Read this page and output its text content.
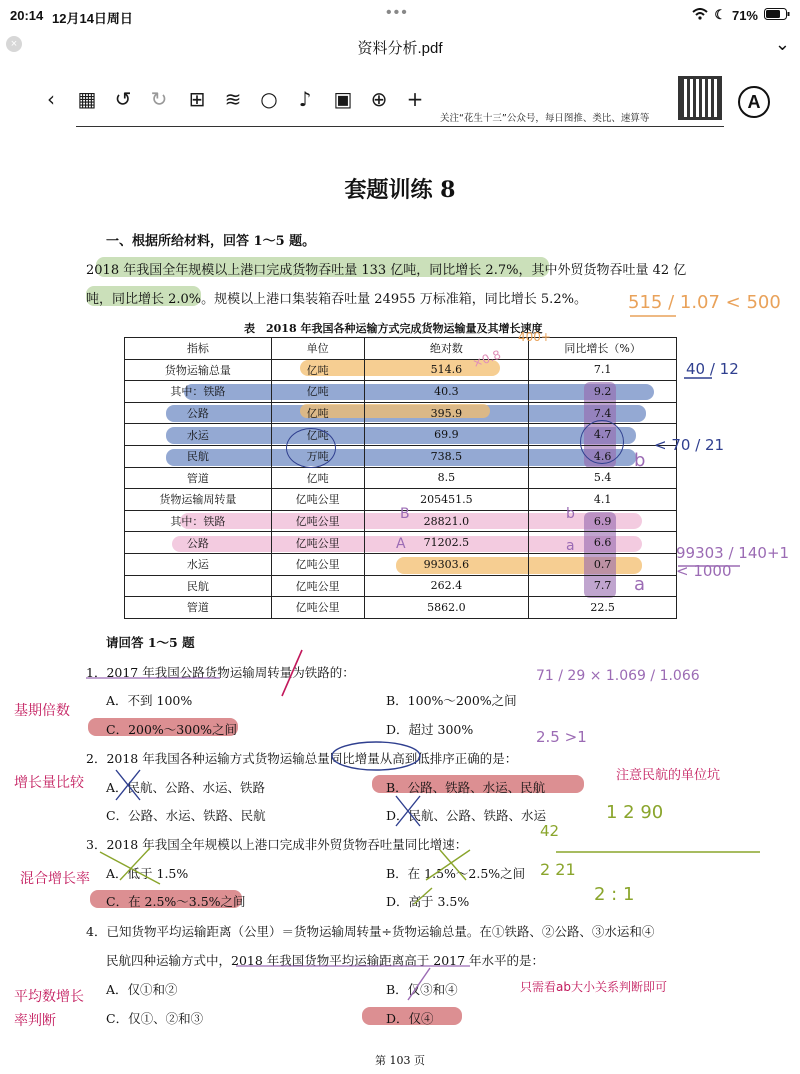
20:14 12月14日周日	•••	☾ 71%
×	资料分析.pdf	⌄
‹	▦ ↺ ↻ ⊞ ≋ ○	♪	▣ ⊕ +
关注“花生十三”公众号，每日图推、类比、速算等
A
套题训练 8
一、根据所给材料，回答 1～5 题。
2018 年我国全年规模以上港口完成货物吞吐量 133 亿吨，同比增长 2.7%，其中外贸货物吞吐量 42 亿
吨，同比增长 2.0%。规模以上港口集装箱吞吐量 24955 万标准箱，同比增长 5.2%。
表　2018 年我国各种运输方式完成货物运输量及其增长速度
指标	单位	绝对数	同比增长（%）
货物运输总量	亿吨	514.6	7.1
其中：铁路	亿吨	40.3	9.2
公路	亿吨	395.9	7.4
水运	亿吨	69.9	4.7
民航	万吨	738.5	4.6
管道	亿吨	8.5	5.4
货物运输周转量	亿吨公里	205451.5	4.1
其中：铁路	亿吨公里	28821.0	6.9
公路	亿吨公里	71202.5	6.6
水运	亿吨公里	99303.6	0.7
民航	亿吨公里	262.4	7.7
管道	亿吨公里	5862.0	22.5
×0.8
400+
B
A
b
a
b
a
请回答 1～5 题
1．2017 年我国公路货物运输周转量为铁路的：
A．不到 100%	B．100%～200%之间
C．200%～300%之间	D．超过 300%
2．2018 年我国各种运输方式货物运输总量同比增量从高到低排序正确的是：
A．民航、公路、水运、铁路	B．公路、铁路、水运、民航
C．公路、水运、铁路、民航	D．民航、公路、铁路、水运
3．2018 年我国全年规模以上港口完成非外贸货物吞吐量同比增速：
A．低于 1.5%	B．在 1.5%～2.5%之间
C．在 2.5%～3.5%之间	D．高于 3.5%
4．已知货物平均运输距离（公里）＝货物运输周转量÷货物运输总量。在①铁路、②公路、③水运和④
民航四种运输方式中，2018 年我国货物平均运输距离高于 2017 年水平的是：
A．仅①和②	B．仅③和④
C．仅①、②和③	D．仅④
基期倍数
增长量比较
混合增长率
平均数增长
率判断
注意民航的单位坑
只需看ab大小关系判断即可
515 / 1.07 < 500
40 / 12
< 70 / 21
99303 / 140+1 < 1000
71 / 29 × 1.069 / 1.066
2.5 >1
1 2 90
42
2 21
2 : 1
第 103 页
